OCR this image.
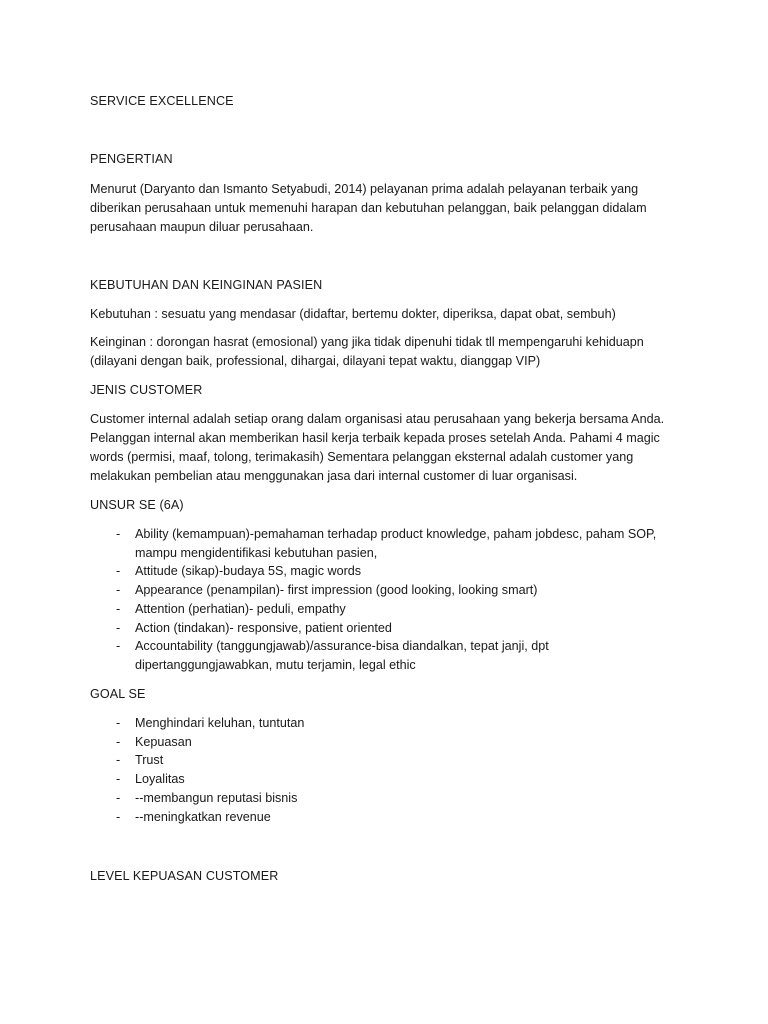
SERVICE EXCELLENCE
PENGERTIAN
Menurut (Daryanto dan Ismanto Setyabudi, 2014) pelayanan prima adalah pelayanan terbaik yang
diberikan perusahaan untuk memenuhi harapan dan kebutuhan pelanggan, baik pelanggan didalam
perusahaan maupun diluar perusahaan.
KEBUTUHAN DAN KEINGINAN PASIEN
Kebutuhan : sesuatu yang mendasar (didaftar, bertemu dokter, diperiksa, dapat obat, sembuh)
Keinginan : dorongan hasrat (emosional) yang jika tidak dipenuhi tidak tll mempengaruhi kehiduapn
(dilayani dengan baik, professional, dihargai, dilayani tepat waktu, dianggap VIP)
JENIS CUSTOMER
Customer internal adalah setiap orang dalam organisasi atau perusahaan yang bekerja bersama Anda.
Pelanggan internal akan memberikan hasil kerja terbaik kepada proses setelah Anda. Pahami 4 magic
words (permisi, maaf, tolong, terimakasih) Sementara pelanggan eksternal adalah customer yang
melakukan pembelian atau menggunakan jasa dari internal customer di luar organisasi.
UNSUR SE (6A)
- Ability (kemampuan)-pemahaman terhadap product knowledge, paham jobdesc, paham SOP,
mampu mengidentifikasi kebutuhan pasien,
- Attitude (sikap)-budaya 5S, magic words
- Appearance (penampilan)- first impression (good looking, looking smart)
- Attention (perhatian)- peduli, empathy
- Action (tindakan)- responsive, patient oriented
- Accountability (tanggungjawab)/assurance-bisa diandalkan, tepat janji, dpt
dipertanggungjawabkan, mutu terjamin, legal ethic
GOAL SE
- Menghindari keluhan, tuntutan
- Kepuasan
- Trust
- Loyalitas
- --membangun reputasi bisnis
- --meningkatkan revenue
LEVEL KEPUASAN CUSTOMER
